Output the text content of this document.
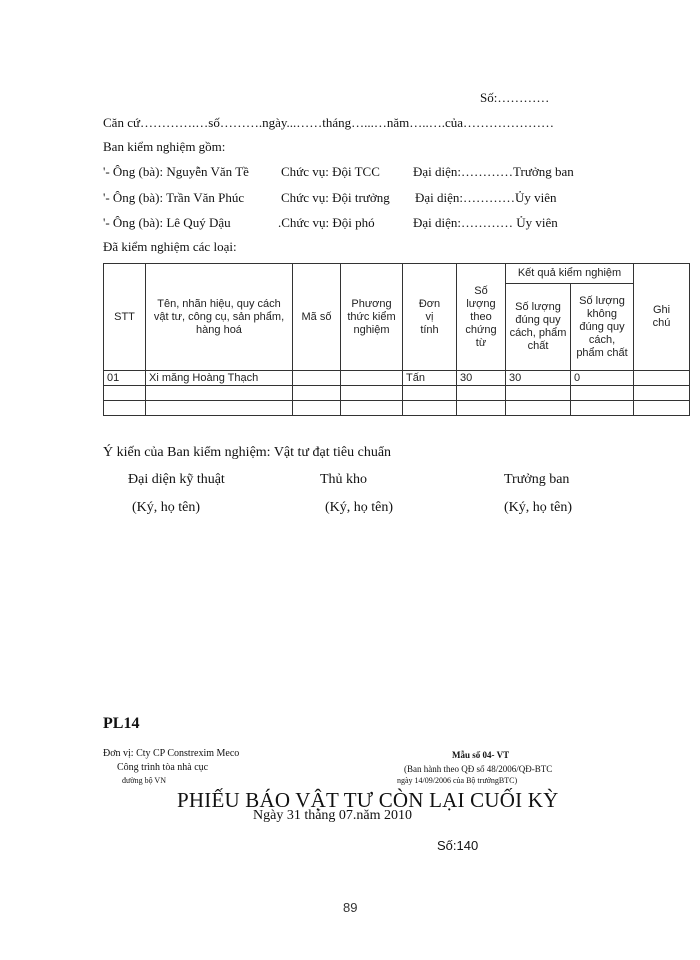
Số:…………
Căn cứ………….…số……….ngày...……tháng…...…năm…..….của…………………
Ban kiểm nghiệm gồm:
'- Ông (bà): Nguyễn Văn Tề Chức vụ: Đội TCC	Đại diện:…………Trưởng ban
'- Ông (bà): Trần Văn Phúc	Chức vụ: Đội trưởng Đại diện:…………Ủy viên
'- Ông (bà): Lê Quý Dậu	.Chức vụ: Đội phó	Đại diện:………… Ủy viên
Đã kiểm nghiệm các loại:
STT	Tên, nhãn hiệu, quy cách vật tư, công cụ, sản phẩm, hàng hoá	Mã số	Phương thức kiểm nghiệm	Đơn vị tính	Số lượng theo chứng từ	Kết quả kiểm nghiệm		Ghi chú
						Số lượng đúng quy cách, phẩm chất	Số lượng không đúng quy cách, phẩm chất	
01	Xi măng Hoàng Thạch			Tấn	30	30	0	

Ý kiến của Ban kiểm nghiệm: Vật tư đạt tiêu chuẩn
Đại diện kỹ thuật	Thủ kho	Trưởng ban
(Ký, họ tên)	(Ký, họ tên)	(Ký, họ tên)
PL14
Đơn vị: Cty CP Constrexim Meco
Công trình tòa nhà cục
đường bộ VN
Mẫu số 04- VT
(Ban hành theo QĐ số 48/2006/QĐ-BTC
ngày 14/09/2006 của Bộ trưởngBTC)
PHIẾU BÁO VẬT TƯ CÒN LẠI CUỐI KỲ
Ngày 31 tháng 07.năm 2010
Số:140
89
